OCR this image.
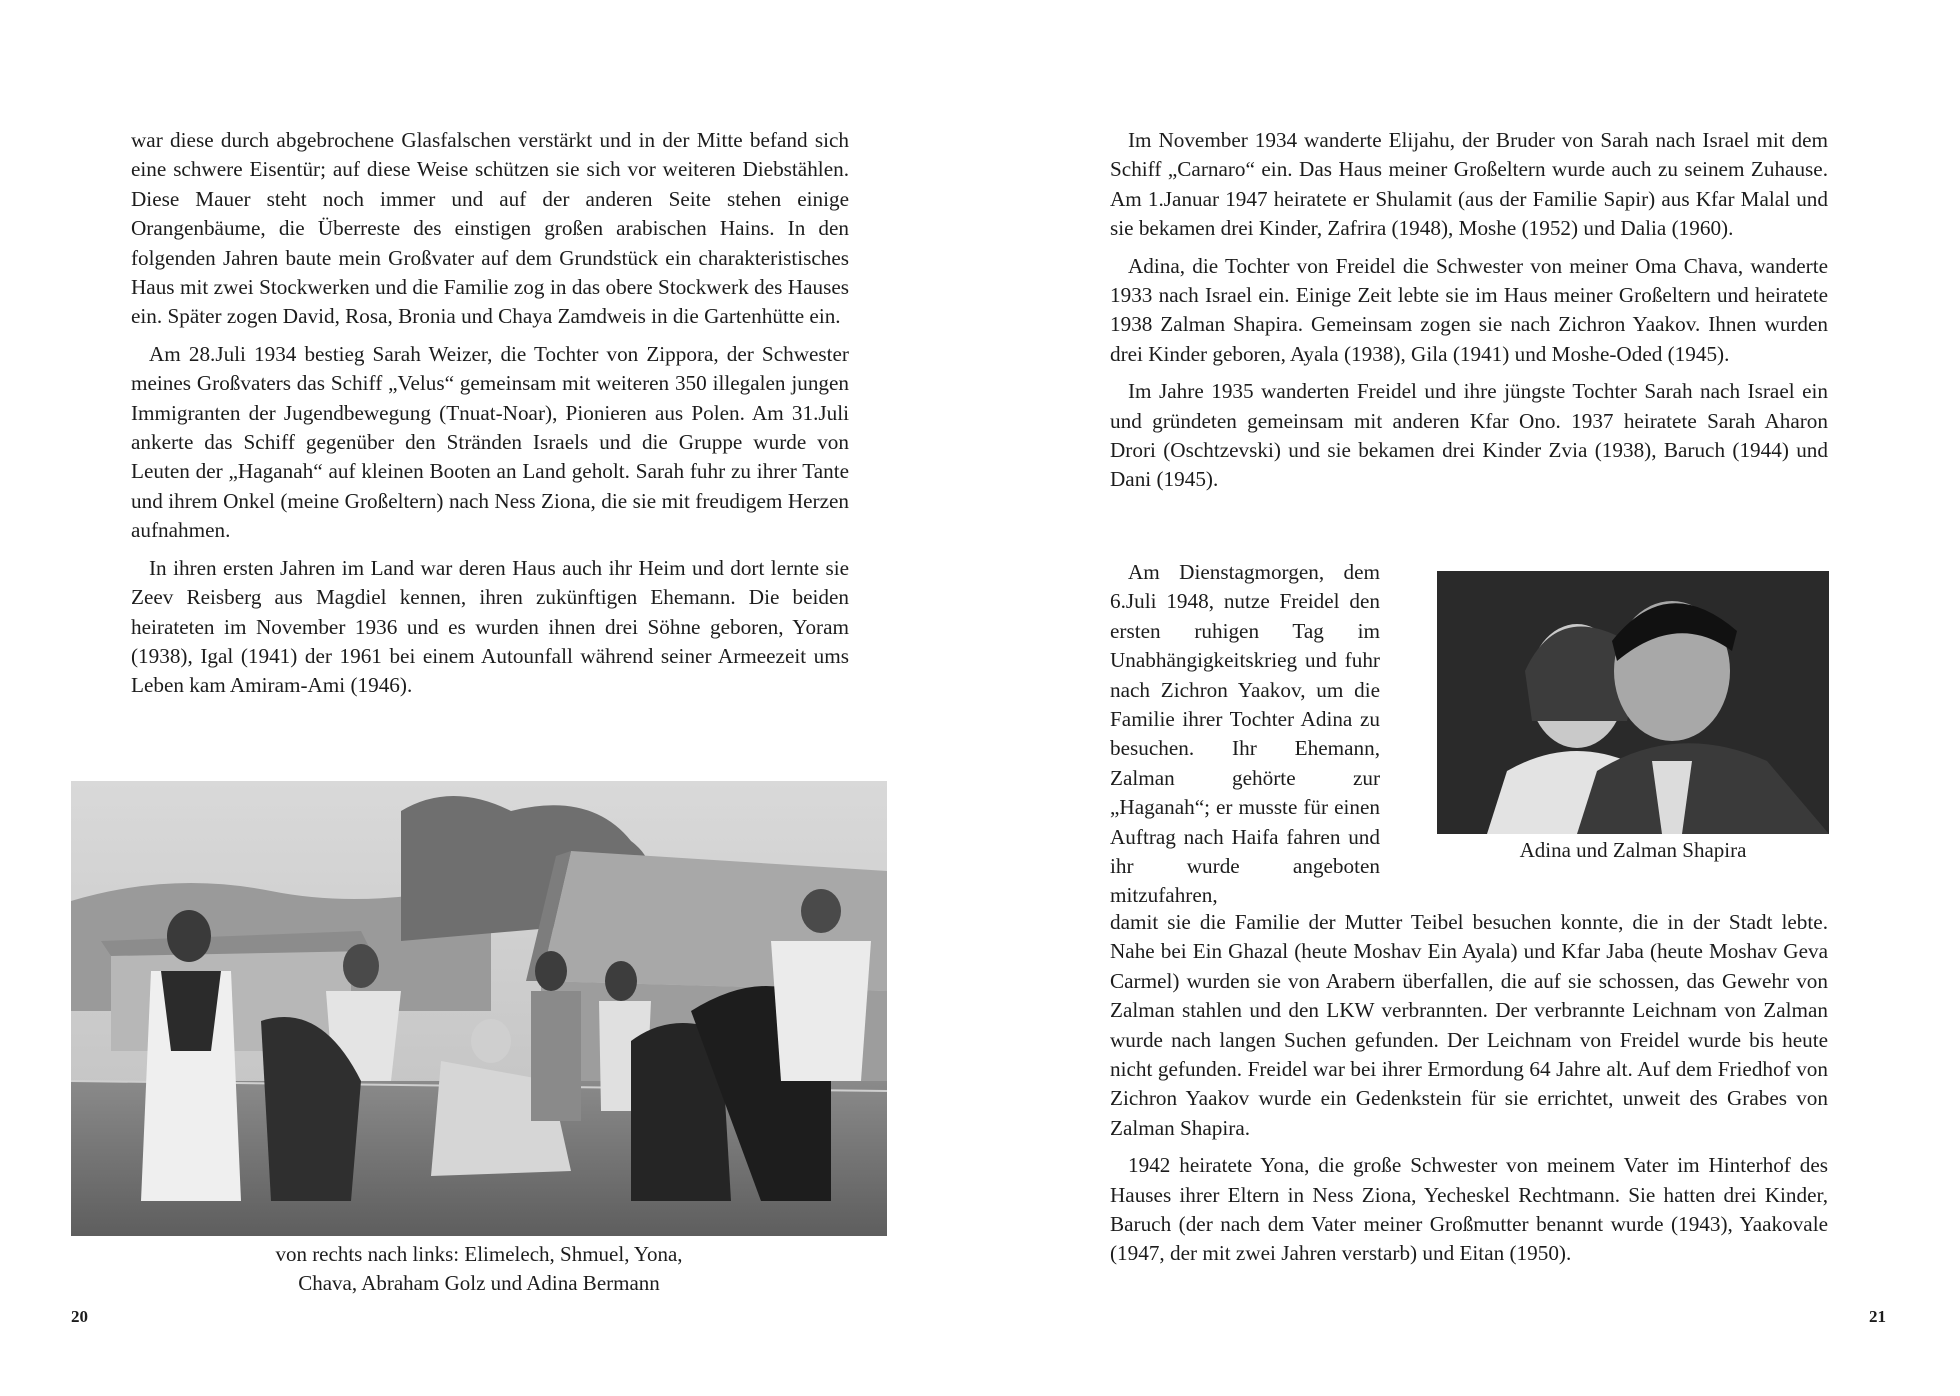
war diese durch abgebrochene Glasfalschen verstärkt und in der Mitte befand sich eine schwere Eisentür; auf diese Weise schützen sie sich vor weiteren Diebstählen. Diese Mauer steht noch immer und auf der anderen Seite stehen einige Orangenbäume, die Überreste des einstigen großen arabischen Hains. In den folgenden Jahren baute mein Großvater auf dem Grundstück ein charakteristisches Haus mit zwei Stockwerken und die Familie zog in das obere Stockwerk des Hauses ein. Später zogen David, Rosa, Bronia und Chaya Zamdweis in die Gartenhütte ein.

Am 28.Juli 1934 bestieg Sarah Weizer, die Tochter von Zippora, der Schwester meines Großvaters das Schiff „Velus“ gemeinsam mit weiteren 350 illegalen jungen Immigranten der Jugendbewegung (Tnuat-Noar), Pionieren aus Polen. Am 31.Juli ankerte das Schiff gegenüber den Stränden Israels und die Gruppe wurde von Leuten der „Haganah“ auf kleinen Booten an Land geholt. Sarah fuhr zu ihrer Tante und ihrem Onkel (meine Großeltern) nach Ness Ziona, die sie mit freudigem Herzen aufnahmen.

In ihren ersten Jahren im Land war deren Haus auch ihr Heim und dort lernte sie Zeev Reisberg aus Magdiel kennen, ihren zukünftigen Ehemann. Die beiden heirateten im November 1936 und es wurden ihnen drei Söhne geboren, Yoram (1938), Igal (1941) der 1961 bei einem Autounfall während seiner Armeezeit ums Leben kam Amiram-Ami (1946).

von rechts nach links: Elimelech, Shmuel, Yona,
Chava, Abraham Golz und Adina Bermann
20

Im November 1934 wanderte Elijahu, der Bruder von Sarah nach Israel mit dem Schiff „Carnaro“ ein. Das Haus meiner Großeltern wurde auch zu seinem Zuhause. Am 1.Januar 1947 heiratete er Shulamit (aus der Familie Sapir) aus Kfar Malal und sie bekamen drei Kinder, Zafrira (1948), Moshe (1952) und Dalia (1960).

Adina, die Tochter von Freidel die Schwester von meiner Oma Chava, wanderte 1933 nach Israel ein. Einige Zeit lebte sie im Haus meiner Großeltern und heiratete 1938 Zalman Shapira. Gemeinsam zogen sie nach Zichron Yaakov. Ihnen wurden drei Kinder geboren, Ayala (1938), Gila (1941) und Moshe-Oded (1945).

Im Jahre 1935 wanderten Freidel und ihre jüngste Tochter Sarah nach Israel ein und gründeten gemeinsam mit anderen Kfar Ono. 1937 heiratete Sarah Aharon Drori (Oschtzevski) und sie bekamen drei Kinder Zvia (1938), Baruch (1944) und Dani (1945).

Am Dienstagmorgen, dem 6.Juli 1948, nutze Freidel den ersten ruhigen Tag im Unabhängigkeitskrieg und fuhr nach Zichron Yaakov, um die Familie ihrer Tochter Adina zu besuchen. Ihr Ehemann, Zalman gehörte zur „Haganah“; er musste für einen Auftrag nach Haifa fahren und ihr wurde angeboten mitzufahren,
Adina und Zalman Shapira

damit sie die Familie der Mutter Teibel besuchen konnte, die in der Stadt lebte. Nahe bei Ein Ghazal (heute Moshav Ein Ayala) und Kfar Jaba (heute Moshav Geva Carmel) wurden sie von Arabern überfallen, die auf sie schossen, das Gewehr von Zalman stahlen und den LKW verbrannten. Der verbrannte Leichnam von Zalman wurde nach langen Suchen gefunden. Der Leichnam von Freidel wurde bis heute nicht gefunden. Freidel war bei ihrer Ermordung 64 Jahre alt. Auf dem Friedhof von Zichron Yaakov wurde ein Gedenkstein für sie errichtet, unweit des Grabes von Zalman Shapira.

1942 heiratete Yona, die große Schwester von meinem Vater im Hinterhof des Hauses ihrer Eltern in Ness Ziona, Yecheskel Rechtmann. Sie hatten drei Kinder, Baruch (der nach dem Vater meiner Großmutter benannt wurde (1943), Yaakovale (1947, der mit zwei Jahren verstarb) und Eitan (1950).

21
